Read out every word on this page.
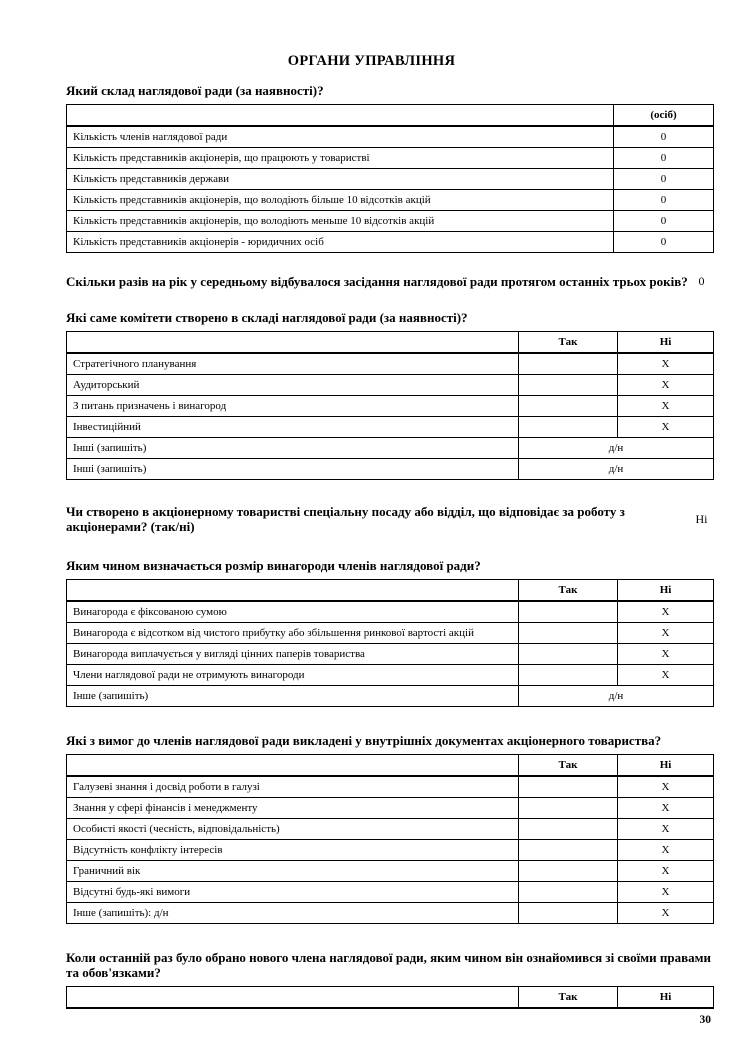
ОРГАНИ УПРАВЛІННЯ

Який склад наглядової ради (за наявності)?

	(осіб)
Кількість членів наглядової ради	0
Кількість представників акціонерів, що працюють у товаристві	0
Кількість представників держави	0
Кількість представників акціонерів, що володіють більше 10 відсотків акцій	0
Кількість представників акціонерів, що володіють меньше 10 відсотків акцій	0
Кількість представників акціонерів - юридичних осіб	0

Скільки разів на рік у середньому відбувалося засідання наглядової ради протягом останніх трьох років? 0

Які саме комітети створено в складі наглядової ради (за наявності)?

	Так	Ні
Стратегічного планування		X
Аудиторський		X
З питань призначень і винагород		X
Інвестиційний		X
Інші (запишіть)	д/н	
Інші (запишіть)	д/н	

Чи створено в акціонерному товаристві спеціальну посаду або відділ, що відповідає за роботу з акціонерами? (так/ні)

Ні

Яким чином визначається розмір винагороди членів наглядової ради?

	Так	Ні
Винагорода є фіксованою сумою		X
Винагорода є відсотком від чистого прибутку або збільшення ринкової вартості акцій		X
Винагорода виплачується у вигляді цінних паперів товариства		X
Члени наглядової ради не отримують винагороди		X
Інше (запишіть)	д/н	

Які з вимог до членів наглядової ради викладені у внутрішніх документах акціонерного товариства?

	Так	Ні
Галузеві знання і досвід роботи в галузі		X
Знання у сфері фінансів і менеджменту		X
Особисті якості (чесність, відповідальність)		X
Відсутність конфлікту інтересів		X
Граничний вік		X
Відсутні будь-які вимоги		X
Інше (запишіть): д/н		X

Коли останній раз було обрано нового члена наглядової ради, яким чином він ознайомився зі своїми правами та обов'язками?

	Так	Ні
30
